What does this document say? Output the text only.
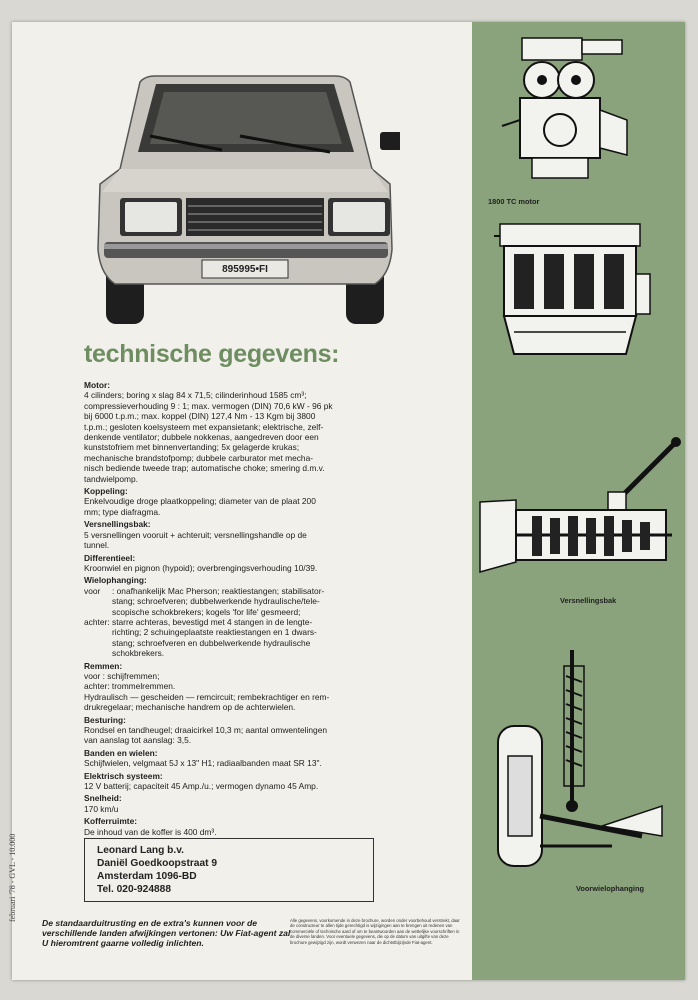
895995•FI
technische gegevens:
Motor:
4 cilinders; boring x slag 84 x 71,5; cilinderinhoud 1585 cm³;
compressieverhouding 9 : 1; max. vermogen (DIN) 70,6 kW - 96 pk
bij 6000 t.p.m.; max. koppel (DIN) 127,4 Nm - 13 Kgm bij 3800
t.p.m.; gesloten koelsysteem met expansietank; elektrische, zelf-
denkende ventilator; dubbele nokkenas, aangedreven door een
kunststofriem met binnenvertanding; 5x gelagerde krukas;
mechanische brandstofpomp; dubbele carburator met mecha-
nisch bediende tweede trap; automatische choke; smering d.m.v.
tandwielpomp.
Koppeling:
Enkelvoudige droge plaatkoppeling; diameter van de plaat 200
mm; type diafragma.
Versnellingsbak:
5 versnellingen vooruit + achteruit; versnellingshandle op de
tunnel.
Differentieel:
Kroonwiel en pignon (hypoid); overbrengingsverhouding 10/39.
Wielophanging:
voor	: onafhankelijk Mac Pherson; reaktiestangen; stabilisator-
stang; schroefveren; dubbelwerkende hydraulische/tele-
scopische schokbrekers; kogels 'for life' gesmeerd;
achter: starre achteras, bevestigd met 4 stangen in de lengte-
richting; 2 schuingeplaatste reaktiestangen en 1 dwars-
stang; schroefveren en dubbelwerkende hydraulische
schokbrekers.
Remmen:
voor : schijfremmen;
achter: trommelremmen.
Hydraulisch — gescheiden — remcircuit; rembekrachtiger en rem-
drukregelaar; mechanische handrem op de achterwielen.
Besturing:
Rondsel en tandheugel; draaicirkel 10,3 m; aantal omwentelingen
van aanslag tot aanslag: 3,5.
Banden en wielen:
Schijfwielen, velgmaat 5J x 13" H1; radiaalbanden maat SR 13".
Elektrisch systeem:
12 V batterij; capaciteit 45 Amp./u.; vermogen dynamo 45 Amp.
Snelheid:
170 km/u
Kofferruimte:
De inhoud van de koffer is 400 dm³.
Leonard Lang b.v.
Daniël Goedkoopstraat 9
Amsterdam 1096-BD
Tel. 020-924888
De standaarduitrusting en de extra's kunnen voor de verschillende landen afwijkingen vertonen: Uw Fiat-agent zal U hieromtrent gaarne volledig inlichten.
Alle gegevens, voorkomende in deze brochure, worden onder voorbehoud verstrekt, daar de constructeur te allen tijde gerechtigd is wijzigingen aan te brengen uit redenen van commerciële of technische aard of om te beantwoorden aan de wettelijke voorschriften in de diverse landen. Voor eventuele gegevens, die op de datum van uitgifte van deze brochure gewijzigd zijn, wordt verwezen naar de dichtstbijzijnde Fiat-agent.
februari '78 - GVL - 10.000
1800 TC motor
Versnellingsbak
Voorwielophanging
